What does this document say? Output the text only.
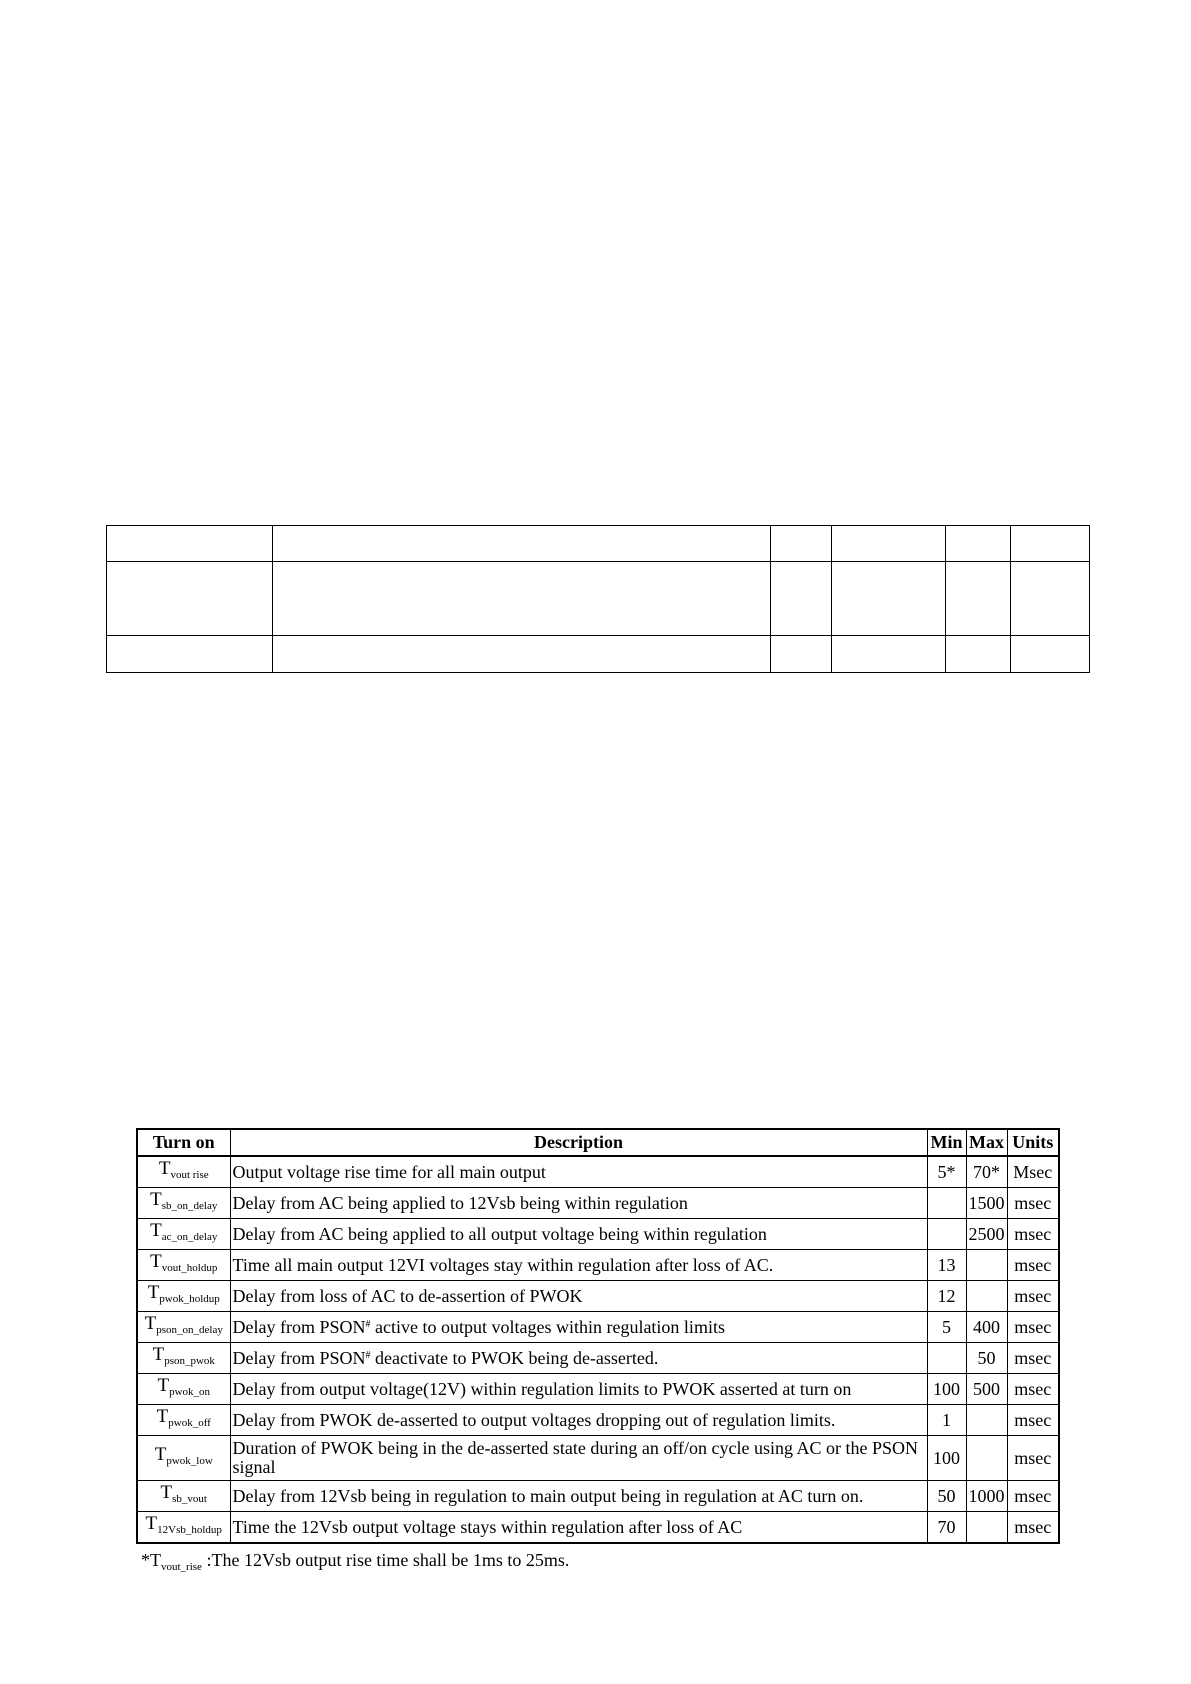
Turn on	Description	Min	Max	Units
$T_{vout rise}$	Output voltage rise time for all main output	5*	70*	Msec
$T_{sb\_on\_delay}$	Delay from AC being applied to 12Vsb being within regulation		1500	msec
$T_{ac\_on\_delay}$	Delay from AC being applied to all output voltage being within regulation		2500	msec
$T_{vout\_holdup}$	Time all main output 12VI voltages stay within regulation after loss of AC.	13		msec
$T_{pwok\_holdup}$	Delay from loss of AC to de-assertion of PWOK	12		msec
$T_{pson\_on\_delay}$	Delay from PSON# active to output voltages within regulation limits	5	400	msec
$T_{pson\_pwok}$	Delay from PSON# deactivate to PWOK being de-asserted.		50	msec
$T_{pwok\_on}$	Delay from output voltage(12V) within regulation limits to PWOK asserted at turn on	100	500	msec
$T_{pwok\_off}$	Delay from PWOK de-asserted to output voltages dropping out of regulation limits.	1		msec
$T_{pwok\_low}$	Duration of PWOK being in the de-asserted state during an off/on cycle using AC or the PSON signal	100		msec
$T_{sb\_vout}$	Delay from 12Vsb being in regulation to main output being in regulation at AC turn on.	50	1000	msec
$T_{12Vsb\_holdup}$	Time the 12Vsb output voltage stays within regulation after loss of AC	70		msec
$*T_{vout\_rise}$ :The 12Vsb output rise time shall be 1ms to 25ms.
